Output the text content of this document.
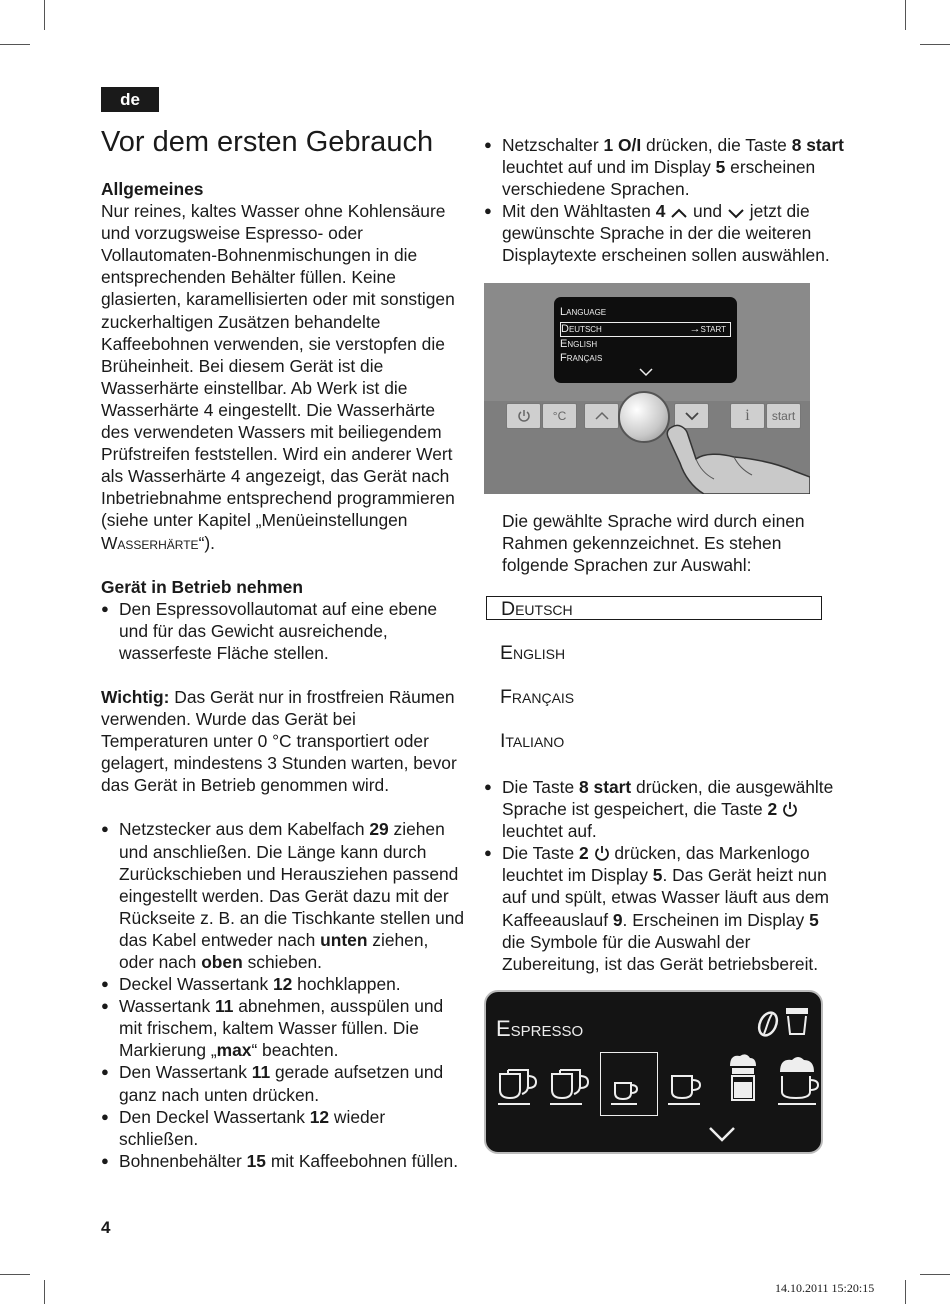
de
Vor dem ersten Gebrauch

Allgemeines

Nur reines, kaltes Wasser ohne Kohlensäure und vorzugsweise Espresso- oder Vollautomaten-Bohnenmischungen in die entsprechenden Behälter füllen. Keine glasierten, karamellisierten oder mit sonstigen zuckerhaltigen Zusätzen behandelte Kaffeebohnen verwenden, sie verstopfen die Brüheinheit. Bei diesem Gerät ist die Wasserhärte einstellbar. Ab Werk ist die Wasserhärte 4 eingestellt. Die Wasserhärte des verwendeten Wassers mit beiliegendem Prüfstreifen feststellen. Wird ein anderer Wert als Wasserhärte 4 angezeigt, das Gerät nach Inbetriebnahme entsprechend programmieren (siehe unter Kapitel „Menüeinstellungen Wasserhärte“).

Gerät in Betrieb nehmen

● Den Espressovollautomat auf eine ebene und für das Gewicht ausreichende, wasserfeste Fläche stellen.

Wichtig: Das Gerät nur in frostfreien Räumen verwenden. Wurde das Gerät bei Temperaturen unter 0 °C transportiert oder gelagert, mindestens 3 Stunden warten, bevor das Gerät in Betrieb genommen wird.

● Netzstecker aus dem Kabelfach 29 ziehen und anschließen. Die Länge kann durch Zurückschieben und Herausziehen passend eingestellt werden. Das Gerät dazu mit der Rückseite z. B. an die Tischkante stellen und das Kabel entweder nach unten ziehen, oder nach oben schieben.
● Deckel Wassertank 12 hochklappen.
● Wassertank 11 abnehmen, ausspülen und mit frischem, kaltem Wasser füllen. Die Markierung „max“ beachten.
● Den Wassertank 11 gerade aufsetzen und ganz nach unten drücken.
● Den Deckel Wassertank 12 wieder schließen.
● Bohnenbehälter 15 mit Kaffeebohnen füllen.
● Netzschalter 1 O/I drücken, die Taste 8 start leuchtet auf und im Display 5 erscheinen verschiedene Sprachen.
● Mit den Wähltasten 4  und  jetzt die gewünschte Sprache in der die weiteren Displaytexte erscheinen sollen auswählen.
Language
Deutsch	→start
English
Français
°C	i	start

Die gewählte Sprache wird durch einen Rahmen gekennzeichnet. Es stehen folgende Sprachen zur Auswahl:

Deutsch
English
Français
Italiano
● Die Taste 8 start drücken, die ausgewählte Sprache ist gespeichert, die Taste 2  leuchtet auf.
● Die Taste 2  drücken, das Markenlogo leuchtet im Display 5. Das Gerät heizt nun auf und spült, etwas Wasser läuft aus dem Kaffeeauslauf 9. Erscheinen im Display 5 die Symbole für die Auswahl der Zubereitung, ist das Gerät betriebsbereit.
Espresso
4
14.10.2011 15:20:15
